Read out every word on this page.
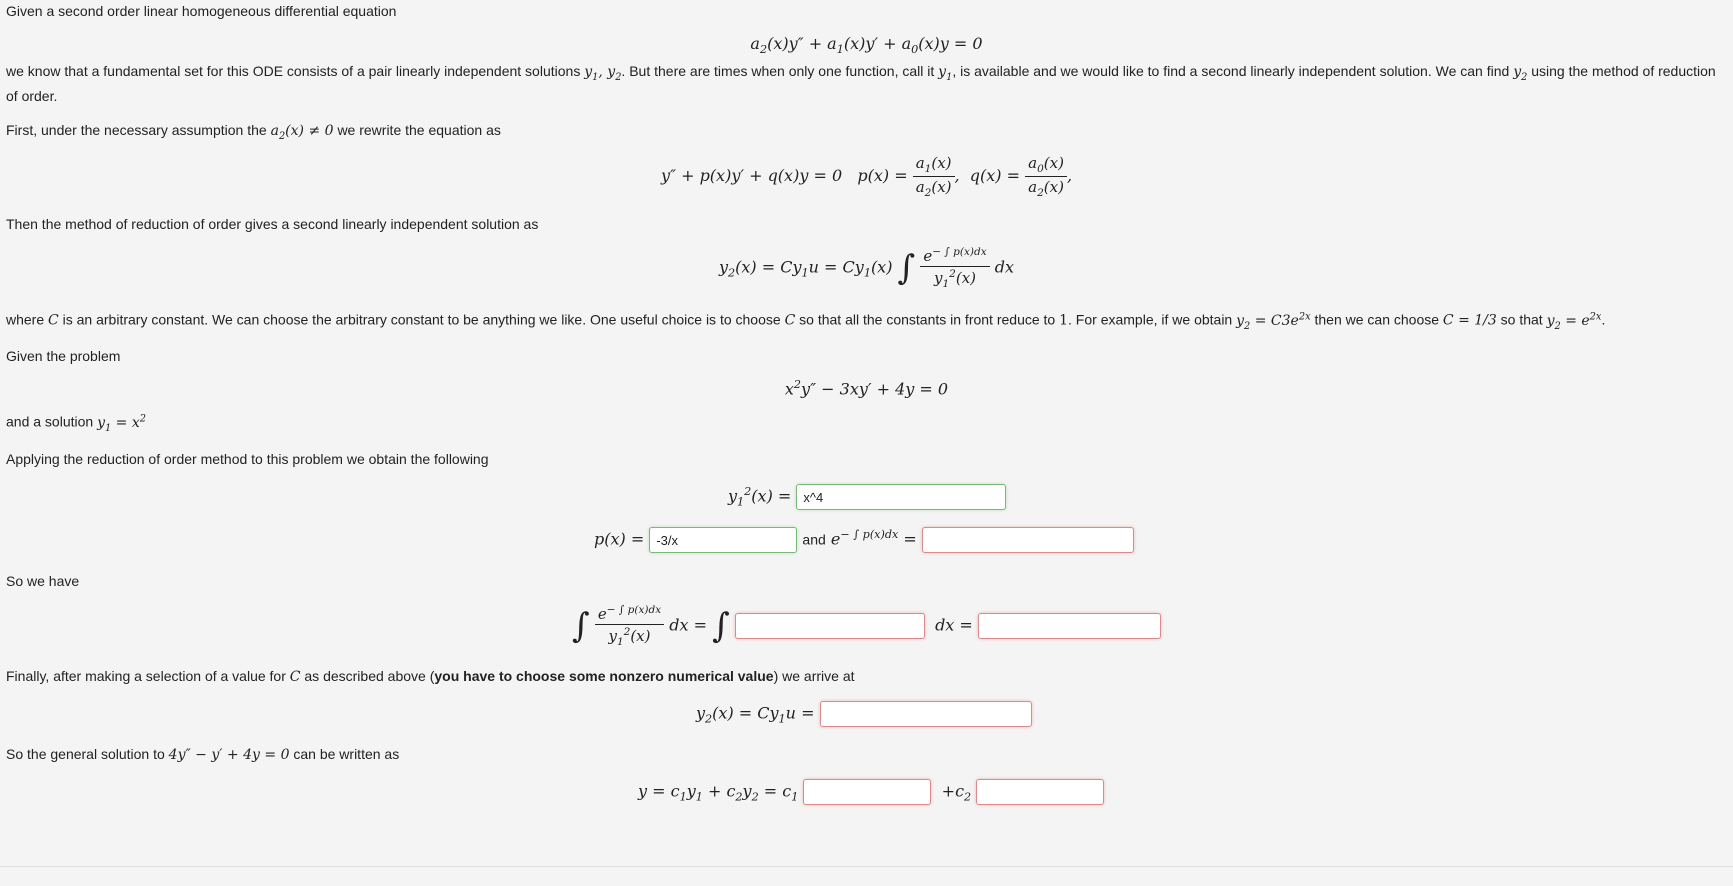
Given a second order linear homogeneous differential equation

$a_2(x)y'' + a_1(x)y' + a_0(x)y = 0$
we know that a fundamental set for this ODE consists of a pair linearly independent solutions $y_1$, $y_2$. But there are times when only one function, call it $y_1$, is available and we would like to find a second linearly independent solution. We can find $y_2$ using the method of reduction
of order.
First, under the necessary assumption the $a_2(x) \ne 0$ we rewrite the equation as
y″ + p(x)y′ + q(x)y = 0   $p(x) = \frac{a_1(x)}{a_2(x)}$ ,  $q(x) = \frac{a_0(x)}{a_2(x)}$ ,

Then the method of reduction of order gives a second linearly independent solution as

$y_2(x) = Cy_1u = Cy_1(x)$ ∫ $\frac{e^{- \int p(x)dx}}{y_1^2(x)}$ dx
where C is an arbitrary constant. We can choose the arbitrary constant to be anything we like. One useful choice is to choose C so that all the constants in front reduce to 1. For example, if we obtain $y_2 = C3e^{2x}$ then we can choose C = 1/3 so that $y_2 = e^{2x}$.

Given the problem

$x^2y'' - 3xy' + 4y = 0$
and a solution $y_1 = x^2$

Applying the reduction of order method to this problem we obtain the following

$y_1^2(x)$ = x^4
p(x) = -3/x	and $e^{- \int p(x)dx}$ =

So we have

∫ $\frac{e^{- \int p(x)dx}}{y_1^2(x)}$ dx = ∫	dx =
Finally, after making a selection of a value for C as described above (you have to choose some nonzero numerical value) we arrive at
$y_2(x) = Cy_1u$ =
So the general solution to 4y″ − y′ + 4y = 0 can be written as
$y = c_1y_1 + c_2y_2 = c_1$	$+c_2$
